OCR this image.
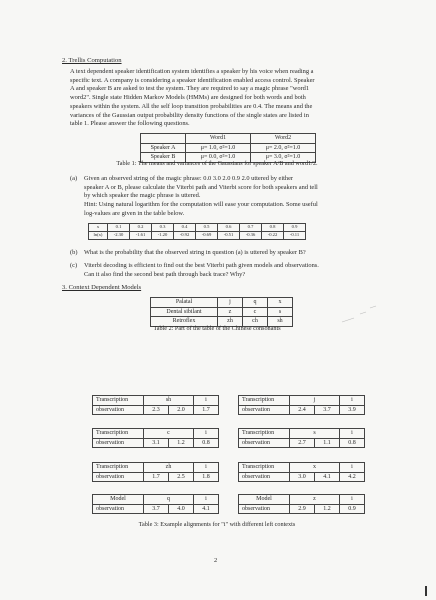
2. Trellis Computation
A text dependent speaker identification system identifies a speaker by his voice when reading a
specific text. A company is considering a speaker identification enabled access control. Speaker
A and speaker B are asked to test the system. They are required to say a magic phrase "word1
word2". Single state Hidden Markov Models (HMMs) are designed for both words and both
speakers within the system. All the self loop transition probabilities are 0.4. The means and the
variances of the Gaussian output probability density functions of the single states are listed in
table 1. Please answer the following questions.
	Word1	Word2
Speaker A	μ= 1.0, σ²=1.0	μ= 2.0, σ²=1.0
Speaker B	μ= 0.0, σ²=1.0	μ= 3.0, σ²=1.0
Table 1: The means and variances of the Gaussians for speaker A/B and word1/2.
(a) Given an observed string of the magic phrase: 0.0 3.0 2.0 0.9 2.0 uttered by either
speaker A or B, please calculate the Viterbi path and Viterbi score for both speakers and tell
by which speaker the magic phrase is uttered.
Hint: Using natural logarithm for the computation will ease your computation. Some useful
log-values are given in the table below.
x	0.1	0.2	0.3	0.4	0.5	0.6	0.7	0.8	0.9
ln(x)	-2.30	-1.61	-1.20	-0.92	-0.69	-0.51	-0.36	-0.22	-0.11
(b) What is the probability that the observed string in question (a) is uttered by speaker B?
(c) Viterbi decoding is efficient to find out the best Viterbi path given models and observations.
Can it also find the second best path through back trace? Why?
3. Context Dependent Models
Palatal	j	q	x
Dental sibilant	z	c	s
Retroflex	zh	ch	sh
Table 2: Part of the table of the Chinese consonants
Transcription	sh		i
observation	2.3	2.0	1.7
Transcription	j		i
observation	2.4	3.7	3.9
Transcription	c		i
observation	3.1	1.2	0.8
Transcription	s		i
observation	2.7	1.1	0.8
Transcription	zh		i
observation	1.7	2.5	1.8
Transcription	x		i
observation	3.0	4.1	4.2
Model	q		i
observation	3.7	4.0	4.1
Model	z		i
observation	2.9	1.2	0.9
Table 3: Example alignments for "i" with different left contexts
2
